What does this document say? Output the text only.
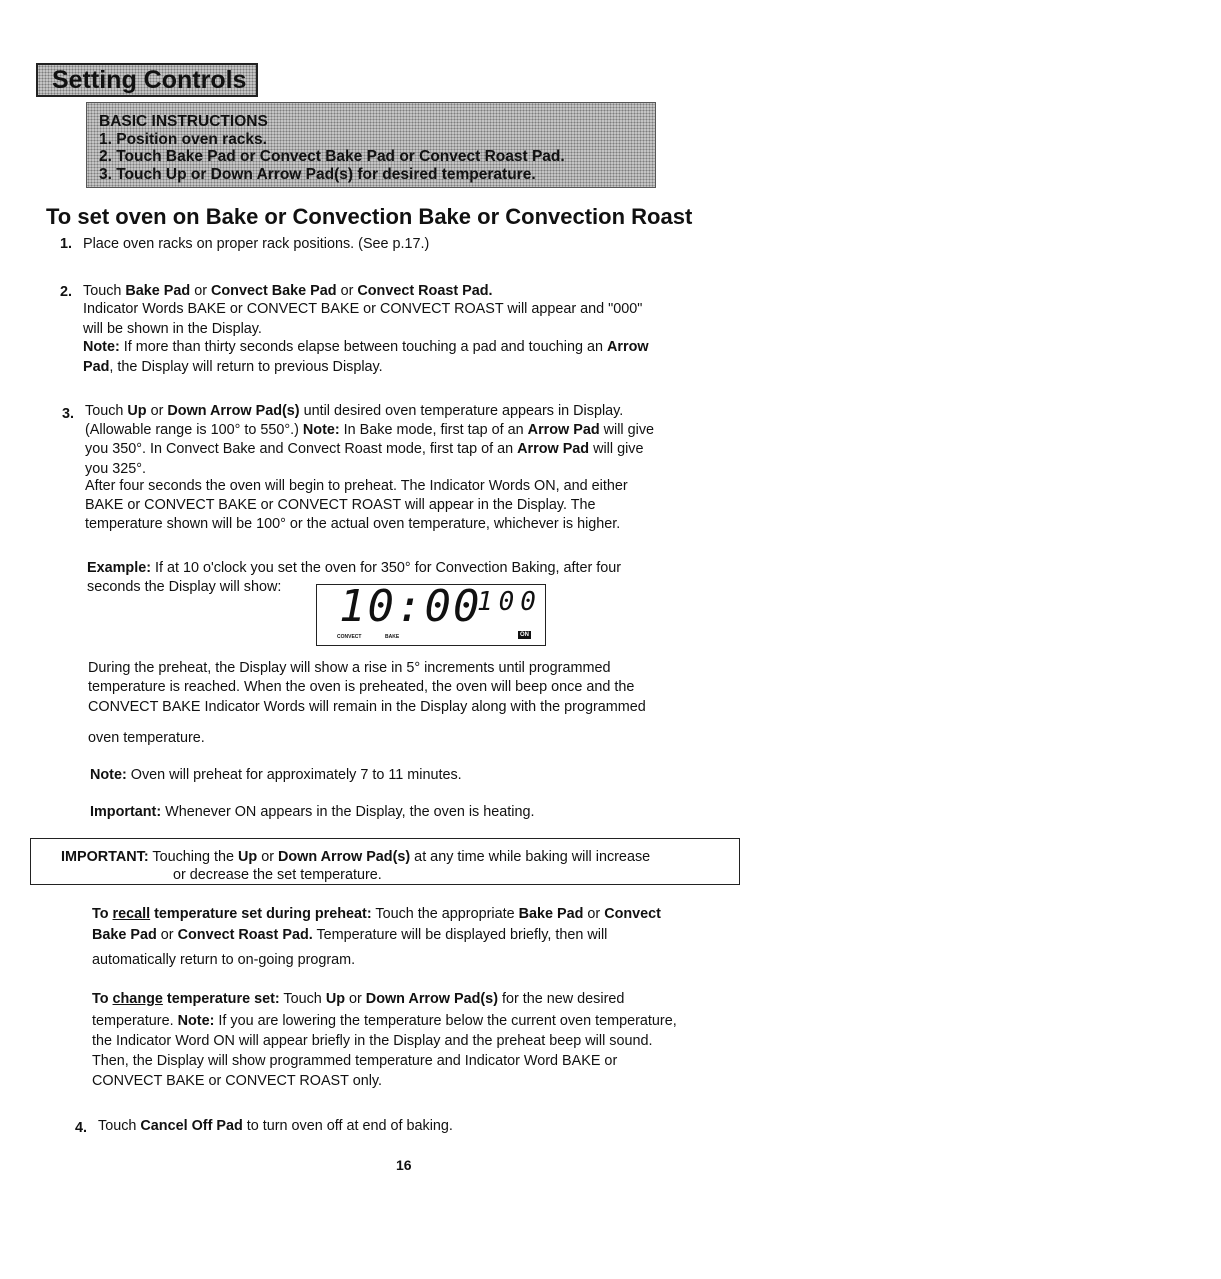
Setting Controls
BASIC INSTRUCTIONS
1. Position oven racks.
2. Touch Bake Pad or Convect Bake Pad or Convect Roast Pad.
3. Touch Up or Down Arrow Pad(s) for desired temperature.
To set oven on Bake or Convection Bake or Convection Roast
1. Place oven racks on proper rack positions. (See p.17.)
2. Touch Bake Pad or Convect Bake Pad or Convect Roast Pad.
Indicator Words BAKE or CONVECT BAKE or CONVECT ROAST will appear and "000"
will be shown in the Display.
Note: If more than thirty seconds elapse between touching a pad and touching an Arrow
Pad, the Display will return to previous Display.
3. Touch Up or Down Arrow Pad(s) until desired oven temperature appears in Display.
(Allowable range is 100° to 550°.) Note: In Bake mode, first tap of an Arrow Pad will give
you 350°. In Convect Bake and Convect Roast mode, first tap of an Arrow Pad will give
you 325°.
After four seconds the oven will begin to preheat. The Indicator Words ON, and either
BAKE or CONVECT BAKE or CONVECT ROAST will appear in the Display. The
temperature shown will be 100° or the actual oven temperature, whichever is higher.
Example: If at 10 o'clock you set the oven for 350° for Convection Baking, after four
seconds the Display will show: 10:00
100
CONVECT	BAKE	ON
During the preheat, the Display will show a rise in 5° increments until programmed
temperature is reached. When the oven is preheated, the oven will beep once and the
CONVECT BAKE Indicator Words will remain in the Display along with the programmed
oven temperature.
Note: Oven will preheat for approximately 7 to 11 minutes.
Important: Whenever ON appears in the Display, the oven is heating.
IMPORTANT: Touching the Up or Down Arrow Pad(s) at any time while baking will increase
or decrease the set temperature.
To recall temperature set during preheat: Touch the appropriate Bake Pad or Convect
Bake Pad or Convect Roast Pad. Temperature will be displayed briefly, then will
automatically return to on-going program.
To change temperature set: Touch Up or Down Arrow Pad(s) for the new desired
temperature. Note: If you are lowering the temperature below the current oven temperature,
the Indicator Word ON will appear briefly in the Display and the preheat beep will sound.
Then, the Display will show programmed temperature and Indicator Word BAKE or
CONVECT BAKE or CONVECT ROAST only.
4. Touch Cancel Off Pad to turn oven off at end of baking.
16
